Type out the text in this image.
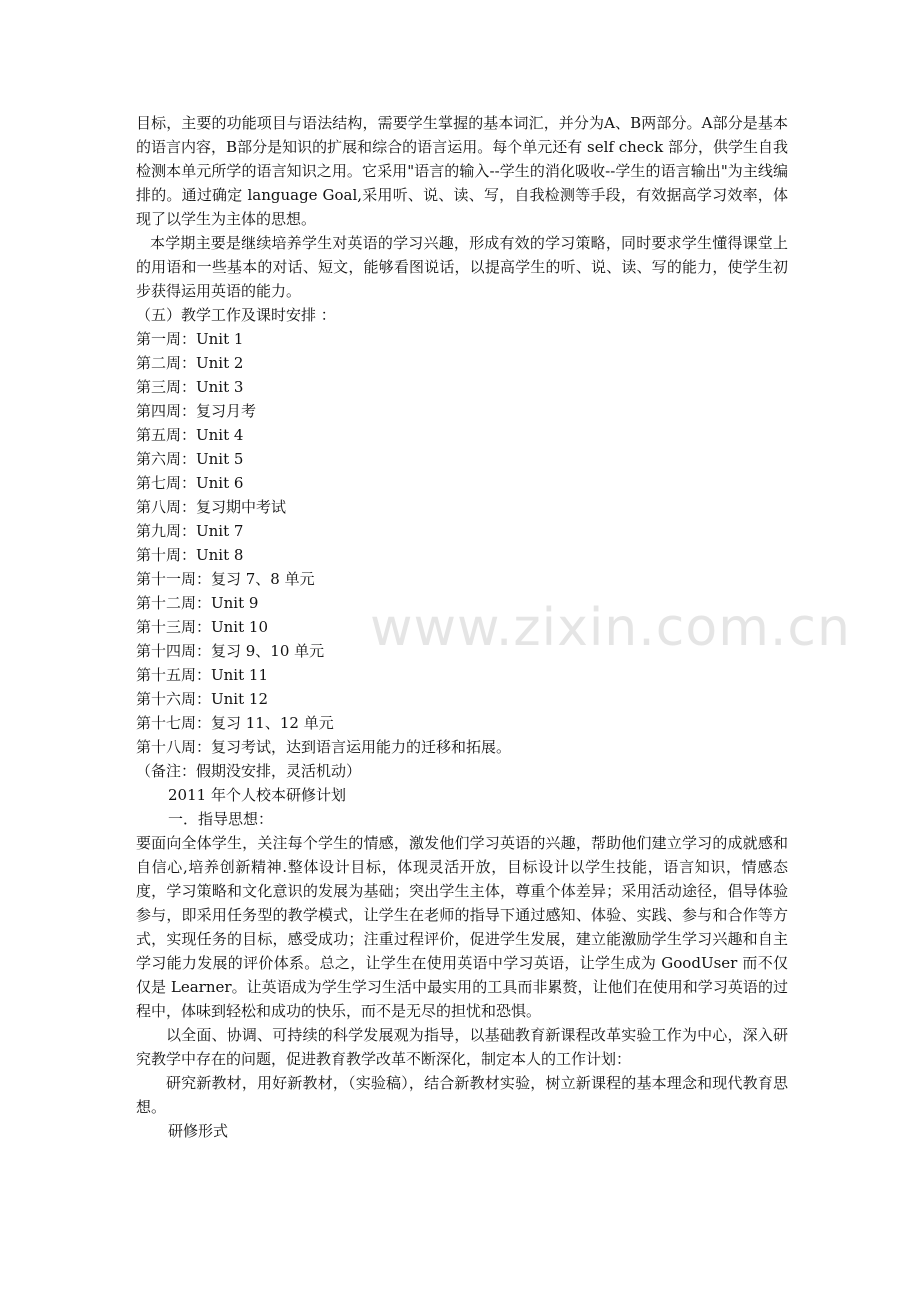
目标，主要的功能项目与语法结构，需要学生掌握的基本词汇，并分为A、B两部分。A部分是基本的语言内容，B部分是知识的扩展和综合的语言运用。每个单元还有 self check 部分，供学生自我检测本单元所学的语言知识之用。它采用"语言的输入--学生的消化吸收--学生的语言输出"为主线编排的。通过确定 language Goal,采用听、说、读、写，自我检测等手段，有效据高学习效率，体现了以学生为主体的思想。

本学期主要是继续培养学生对英语的学习兴趣，形成有效的学习策略，同时要求学生懂得课堂上的用语和一些基本的对话、短文，能够看图说话，以提高学生的听、说、读、写的能力，使学生初步获得运用英语的能力。

（五）教学工作及课时安排 ：

第一周：Unit 1

第二周：Unit 2

第三周：Unit 3

第四周：复习月考

第五周：Unit 4

第六周：Unit 5

第七周：Unit 6

第八周：复习期中考试

第九周：Unit 7

第十周：Unit 8

第十一周：复习 7、8 单元

第十二周：Unit 9

第十三周：Unit 10

第十四周：复习 9、10 单元

第十五周：Unit 11

第十六周：Unit 12

第十七周：复习 11、12 单元

第十八周：复习考试，达到语言运用能力的迁移和拓展。

（备注：假期没安排，灵活机动）

2011 年个人校本研修计划

一．指导思想：

要面向全体学生，关注每个学生的情感，激发他们学习英语的兴趣，帮助他们建立学习的成就感和自信心,培养创新精神.整体设计目标，体现灵活开放，目标设计以学生技能，语言知识，情感态度，学习策略和文化意识的发展为基础；突出学生主体，尊重个体差异；采用活动途径，倡导体验参与，即采用任务型的教学模式，让学生在老师的指导下通过感知、体验、实践、参与和合作等方式，实现任务的目标，感受成功；注重过程评价，促进学生发展，建立能激励学生学习兴趣和自主学习能力发展的评价体系。总之，让学生在使用英语中学习英语，让学生成为 GoodUser 而不仅仅是 Learner。让英语成为学生学习生活中最实用的工具而非累赘，让他们在使用和学习英语的过程中，体味到轻松和成功的快乐，而不是无尽的担忧和恐惧。

以全面、协调、可持续的科学发展观为指导，以基础教育新课程改革实验工作为中心，深入研究教学中存在的问题，促进教育教学改革不断深化，制定本人的工作计划：

研究新教材，用好新教材，（实验稿），结合新教材实验，树立新课程的基本理念和现代教育思想。

研修形式

www.zixin.com.cn
